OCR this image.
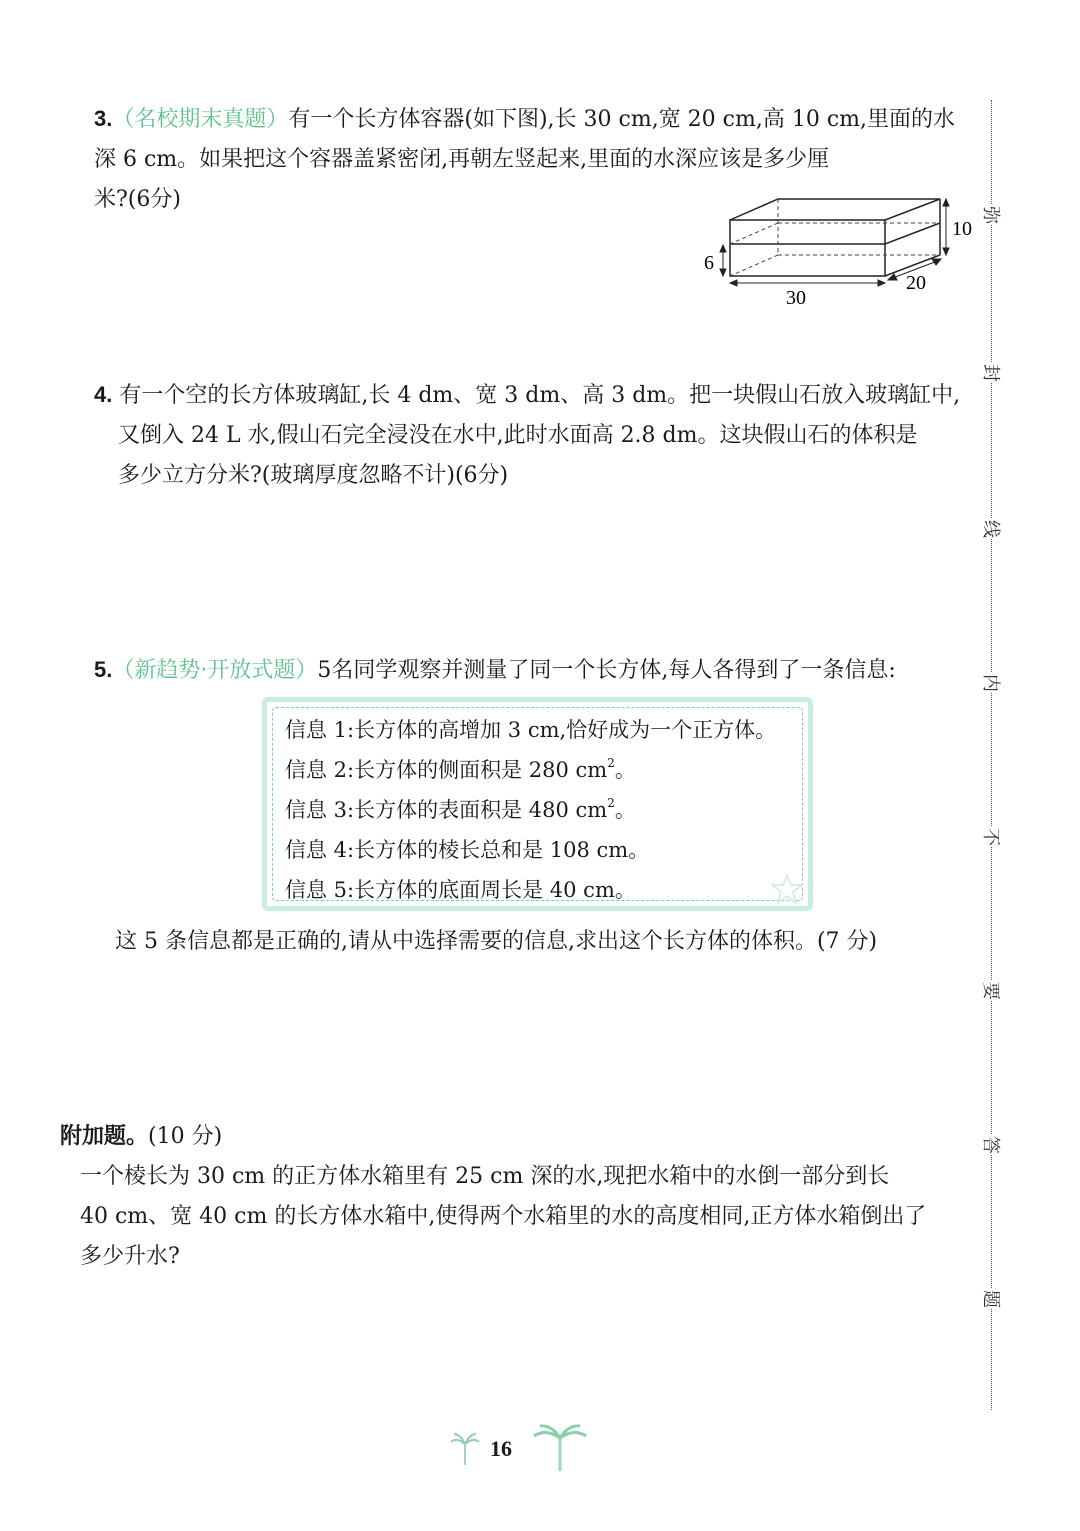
3.（名校期末真题）有一个长方体容器(如下图),长 30 cm,宽 20 cm,高 10 cm,里面的水
深 6 cm。如果把这个容器盖紧密闭,再朝左竖起来,里面的水深应该是多少厘
米?(6分)
10
6
30
20
4. 有一个空的长方体玻璃缸,长 4 dm、宽 3 dm、高 3 dm。把一块假山石放入玻璃缸中,
又倒入 24 L 水,假山石完全浸没在水中,此时水面高 2.8 dm。这块假山石的体积是
多少立方分米?(玻璃厚度忽略不计)(6分)
5.（新趋势·开放式题）5名同学观察并测量了同一个长方体,每人各得到了一条信息:
信息 1:长方体的高增加 3 cm,恰好成为一个正方体。
信息 2:长方体的侧面积是 280 $cm^2$。
信息 3:长方体的表面积是 480 $cm^2$。
信息 4:长方体的棱长总和是 108 cm。
信息 5:长方体的底面周长是 40 cm。
这 5 条信息都是正确的,请从中选择需要的信息,求出这个长方体的体积。(7 分)
附加题。(10 分)
一个棱长为 30 cm 的正方体水箱里有 25 cm 深的水,现把水箱中的水倒一部分到长
40 cm、宽 40 cm 的长方体水箱中,使得两个水箱里的水的高度相同,正方体水箱倒出了
多少升水?
弥
封
线
内
不
要
答
题
16
